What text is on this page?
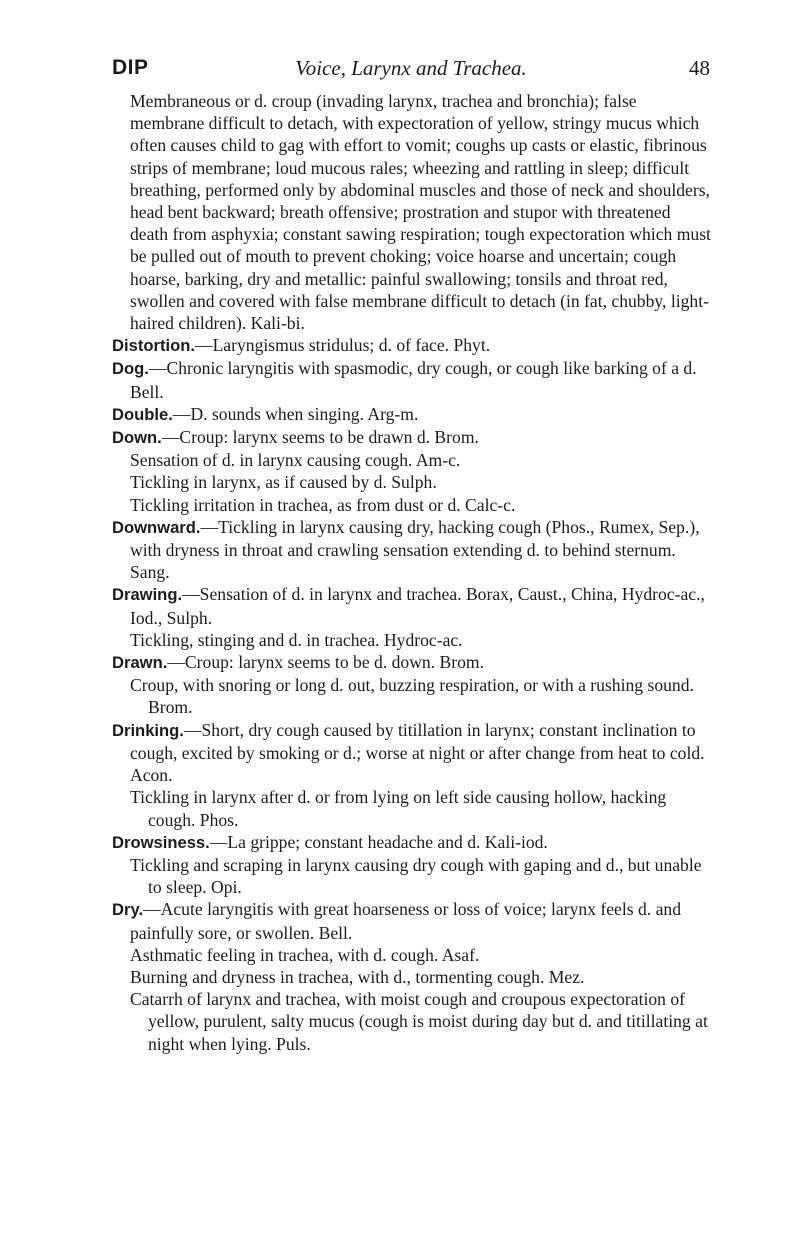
DIP	Voice, Larynx and Trachea.	48

Membraneous or d. croup (invading larynx, trachea and bronchia); false membrane difficult to detach, with expectoration of yellow, stringy mucus which often causes child to gag with effort to vomit; coughs up casts or elastic, fibrinous strips of membrane; loud mucous rales; wheezing and rattling in sleep; difficult breathing, performed only by abdominal muscles and those of neck and shoulders, head bent backward; breath offensive; prostration and stupor with threatened death from asphyxia; constant sawing respiration; tough expectoration which must be pulled out of mouth to prevent choking; voice hoarse and uncertain; cough hoarse, barking, dry and metallic: painful swallowing; tonsils and throat red, swollen and covered with false membrane difficult to detach (in fat, chubby, light-haired children). Kali-bi.

Distortion.—Laryngismus stridulus; d. of face. Phyt.

Dog.—Chronic laryngitis with spasmodic, dry cough, or cough like barking of a d. Bell.

Double.—D. sounds when singing. Arg-m.

Down.—Croup: larynx seems to be drawn d. Brom.

Sensation of d. in larynx causing cough. Am-c.

Tickling in larynx, as if caused by d. Sulph.

Tickling irritation in trachea, as from dust or d. Calc-c.

Downward.—Tickling in larynx causing dry, hacking cough (Phos., Rumex, Sep.), with dryness in throat and crawling sensation extending d. to behind sternum. Sang.

Drawing.—Sensation of d. in larynx and trachea. Borax, Caust., China, Hydroc-ac., Iod., Sulph.

Tickling, stinging and d. in trachea. Hydroc-ac.

Drawn.—Croup: larynx seems to be d. down. Brom.

Croup, with snoring or long d. out, buzzing respiration, or with a rushing sound. Brom.

Drinking.—Short, dry cough caused by titillation in larynx; constant inclination to cough, excited by smoking or d.; worse at night or after change from heat to cold. Acon.

Tickling in larynx after d. or from lying on left side causing hollow, hacking cough. Phos.

Drowsiness.—La grippe; constant headache and d. Kali-iod.

Tickling and scraping in larynx causing dry cough with gaping and d., but unable to sleep. Opi.

Dry.—Acute laryngitis with great hoarseness or loss of voice; larynx feels d. and painfully sore, or swollen. Bell.

Asthmatic feeling in trachea, with d. cough. Asaf.

Burning and dryness in trachea, with d., tormenting cough. Mez.

Catarrh of larynx and trachea, with moist cough and croupous expectoration of yellow, purulent, salty mucus (cough is moist during day but d. and titillating at night when lying. Puls.
